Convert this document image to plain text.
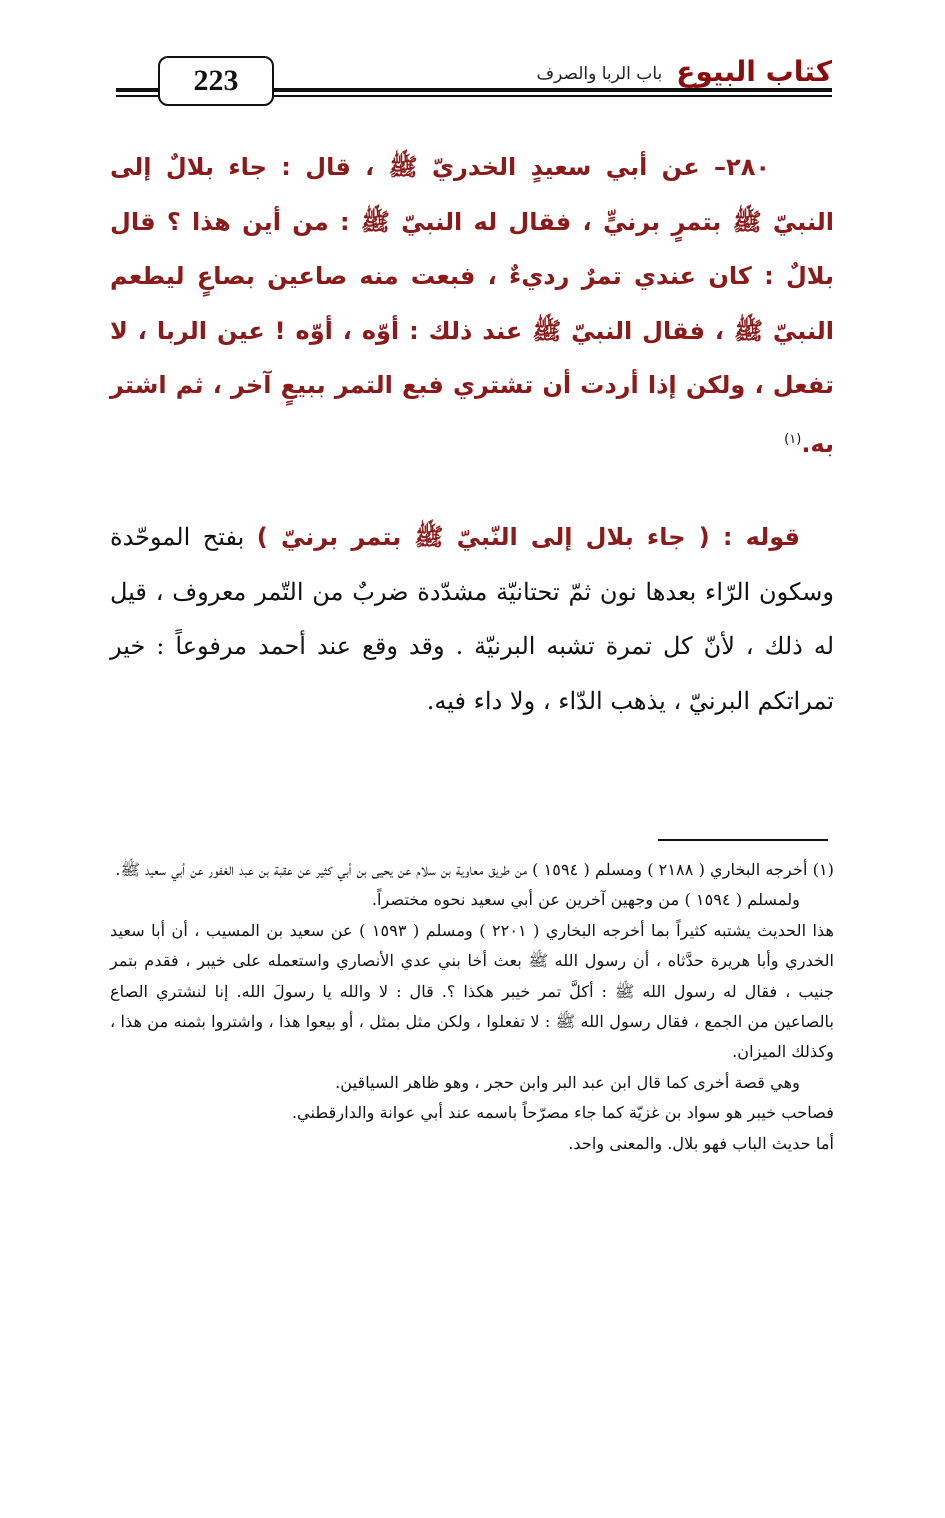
223	كتاب البيوع
باب الربا والصرف

٢٨٠– عن أبي سعيدٍ الخدريّ ﷺ ، قال : جاء بلالٌ إلى النبيّ ﷺ بتمرٍ برنيٍّ ، فقال له النبيّ ﷺ : من أين هذا ؟ قال بلالٌ : كان عندي تمرٌ رديءٌ ، فبعت منه صاعين بصاعٍ ليطعم النبيّ ﷺ ، فقال النبيّ ﷺ عند ذلك : أوّه ، أوّه ! عين الربا ، لا تفعل ، ولكن إذا أردت أن تشتري فبع التمر ببيعٍ آخر ، ثم اشتر به.$^{(١)}$

قوله : ( جاء بلال إلى النّبيّ ﷺ بتمر برنيّ ) بفتح الموحّدة وسكون الرّاء بعدها نون ثمّ تحتانيّة مشدّدة ضربٌ من التّمر معروف ، قيل له ذلك ، لأنّ كل تمرة تشبه البرنيّة . وقد وقع عند أحمد مرفوعاً : خير تمراتكم البرنيّ ، يذهب الدّاء ، ولا داء فيه.

(١) أخرجه البخاري ( ٢١٨٨ ) ومسلم ( ١٥٩٤ ) من طريق معاوية بن سلام عن يحيى بن أبي كثير عن عقبة بن عبد الغفور عن أبي سعيد ﷺ.

ولمسلم ( ١٥٩٤ ) من وجهين آخرين عن أبي سعيد نحوه مختصراً.

هذا الحديث يشتبه كثيراً بما أخرجه البخاري ( ٢٢٠١ ) ومسلم ( ١٥٩٣ ) عن سعيد بن المسيب ، أن أبا سعيد الخدري وأبا هريرة حدَّثاه ، أن رسول الله ﷺ بعث أخا بني عدي الأنصاري واستعمله على خيبر ، فقدم بتمر جنيب ، فقال له رسول الله ﷺ : أكلَّ تمر خيبر هكذا ؟. قال : لا والله يا رسولَ الله. إنا لنشتري الصاع بالصاعين من الجمع ، فقال رسول الله ﷺ : لا تفعلوا ، ولكن مثل بمثل ، أو بيعوا هذا ، واشتروا بثمنه من هذا ، وكذلك الميزان.

وهي قصة أخرى كما قال ابن عبد البر وابن حجر ، وهو ظاهر السياقين.

فصاحب خيبر هو سواد بن غزيّة كما جاء مصرّحاً باسمه عند أبي عوانة والدارقطني.

أما حديث الباب فهو بلال. والمعنى واحد.
